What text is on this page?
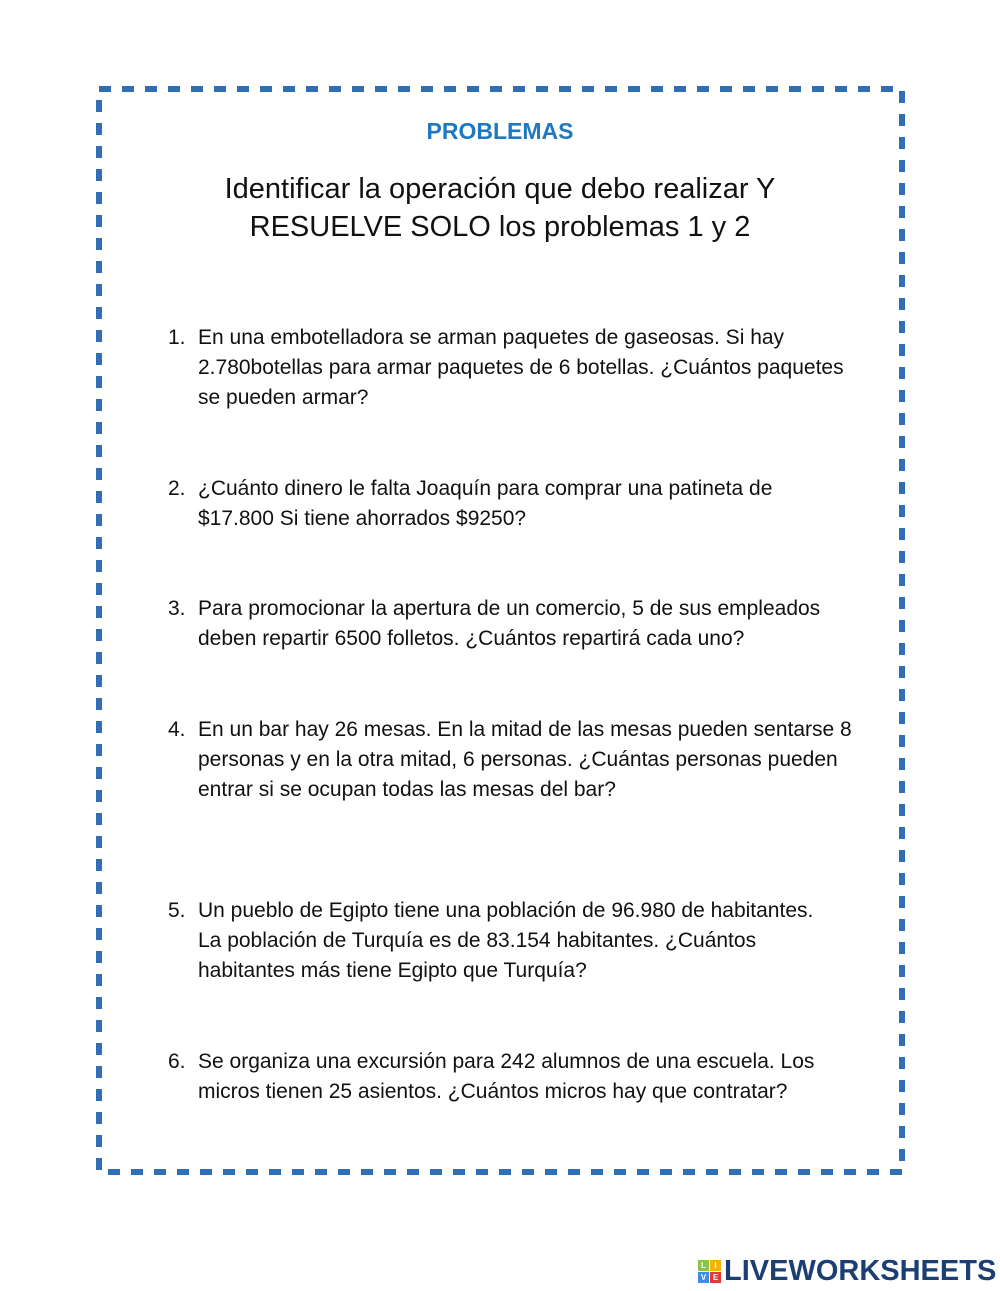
PROBLEMAS
Identificar la operación que debo realizar Y
RESUELVE SOLO los problemas 1 y 2
1. En una embotelladora se arman paquetes de gaseosas. Si hay 2.780botellas para armar paquetes de 6 botellas. ¿Cuántos paquetes se pueden armar?
2. ¿Cuánto dinero le falta Joaquín para comprar una patineta de $17.800 Si tiene ahorrados $9250?
3. Para promocionar la apertura de un comercio, 5 de sus empleados deben repartir 6500 folletos. ¿Cuántos repartirá cada uno?
4. En un bar hay 26 mesas. En la mitad de las mesas pueden sentarse 8 personas y en la otra mitad, 6 personas. ¿Cuántas personas pueden entrar si se ocupan todas las mesas del bar?
5. Un pueblo de Egipto tiene una población de 96.980 de habitantes. La población de Turquía es de 83.154 habitantes. ¿Cuántos habitantes más tiene Egipto que Turquía?
6. Se organiza una excursión para 242 alumnos de una escuela. Los micros tienen 25 asientos. ¿Cuántos micros hay que contratar?
L	I
V E LIVEWORKSHEETS
